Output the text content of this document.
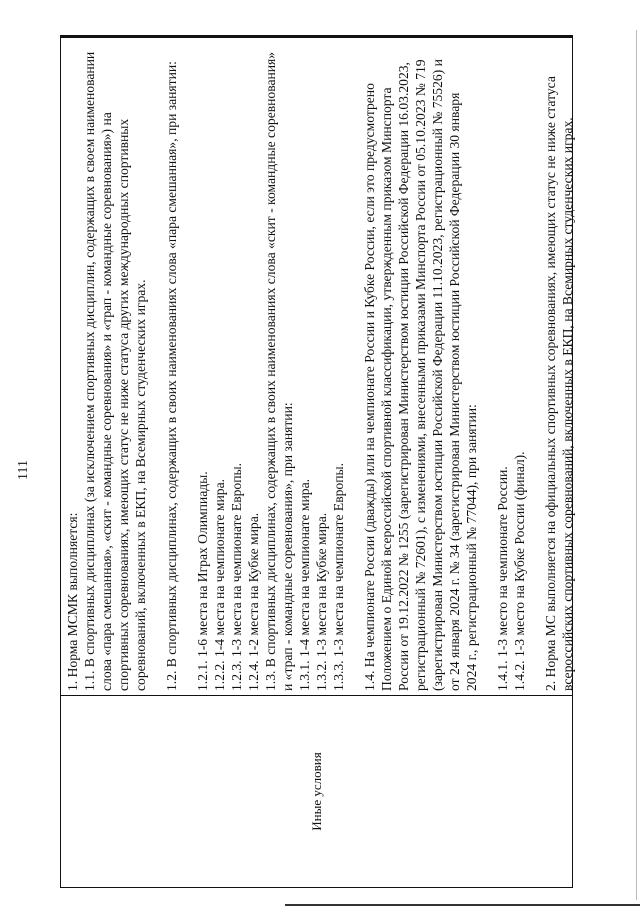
111
Иные условия
1. Норма МСМК выполняется: 1.1. В спортивных дисциплинах (за исключением спортивных дисциплин, содержащих в своем наименовании слова «пара смешанная», «скит - командные соревнования» и «трап - командные соревнования») на спортивных соревнованиях, имеющих статус не ниже статуса других международных спортивных соревнований, включенных в ЕКП, на Всемирных студенческих играх. 1.2. В спортивных дисциплинах, содержащих в своих наименованиях слова «пара смешанная», при занятии: 1.2.1. 1-6 места на Играх Олимпиады. 1.2.2. 1-4 места на чемпионате мира. 1.2.3. 1-3 места на чемпионате Европы. 1.2.4. 1-2 места на Кубке мира. 1.3. В спортивных дисциплинах, содержащих в своих наименованиях слова «скит - командные соревнования» и «трап - командные соревнования», при занятии: 1.3.1. 1-4 места на чемпионате мира. 1.3.2. 1-3 места на Кубке мира. 1.3.3. 1-3 места на чемпионате Европы. 1.4. На чемпионате России (дважды) или на чемпионате России и Кубке России, если это предусмотрено Положением о Единой всероссийской спортивной классификации, утвержденным приказом Минспорта России от 19.12.2022 № 1255 (зарегистрирован Министерством юстиции Российской Федерации 16.03.2023, регистрационный № 72601), с изменениями, внесенными приказами Минспорта России от 05.10.2023 № 719 (зарегистрирован Министерством юстиции Российской Федерации 11.10.2023, регистрационный № 75526) и от 24 января 2024 г. № 34 (зарегистрирован Министерством юстиции Российской Федерации 30 января 2024 г., регистрационный № 77044), при занятии: 1.4.1. 1-3 место на чемпионате России. 1.4.2. 1-3 место на Кубке России (финал). 2. Норма МС выполняется на официальных спортивных соревнованиях, имеющих статус не ниже статуса всероссийских спортивных соревнований, включенных в ЕКП, на Всемирных студенческих играх.
